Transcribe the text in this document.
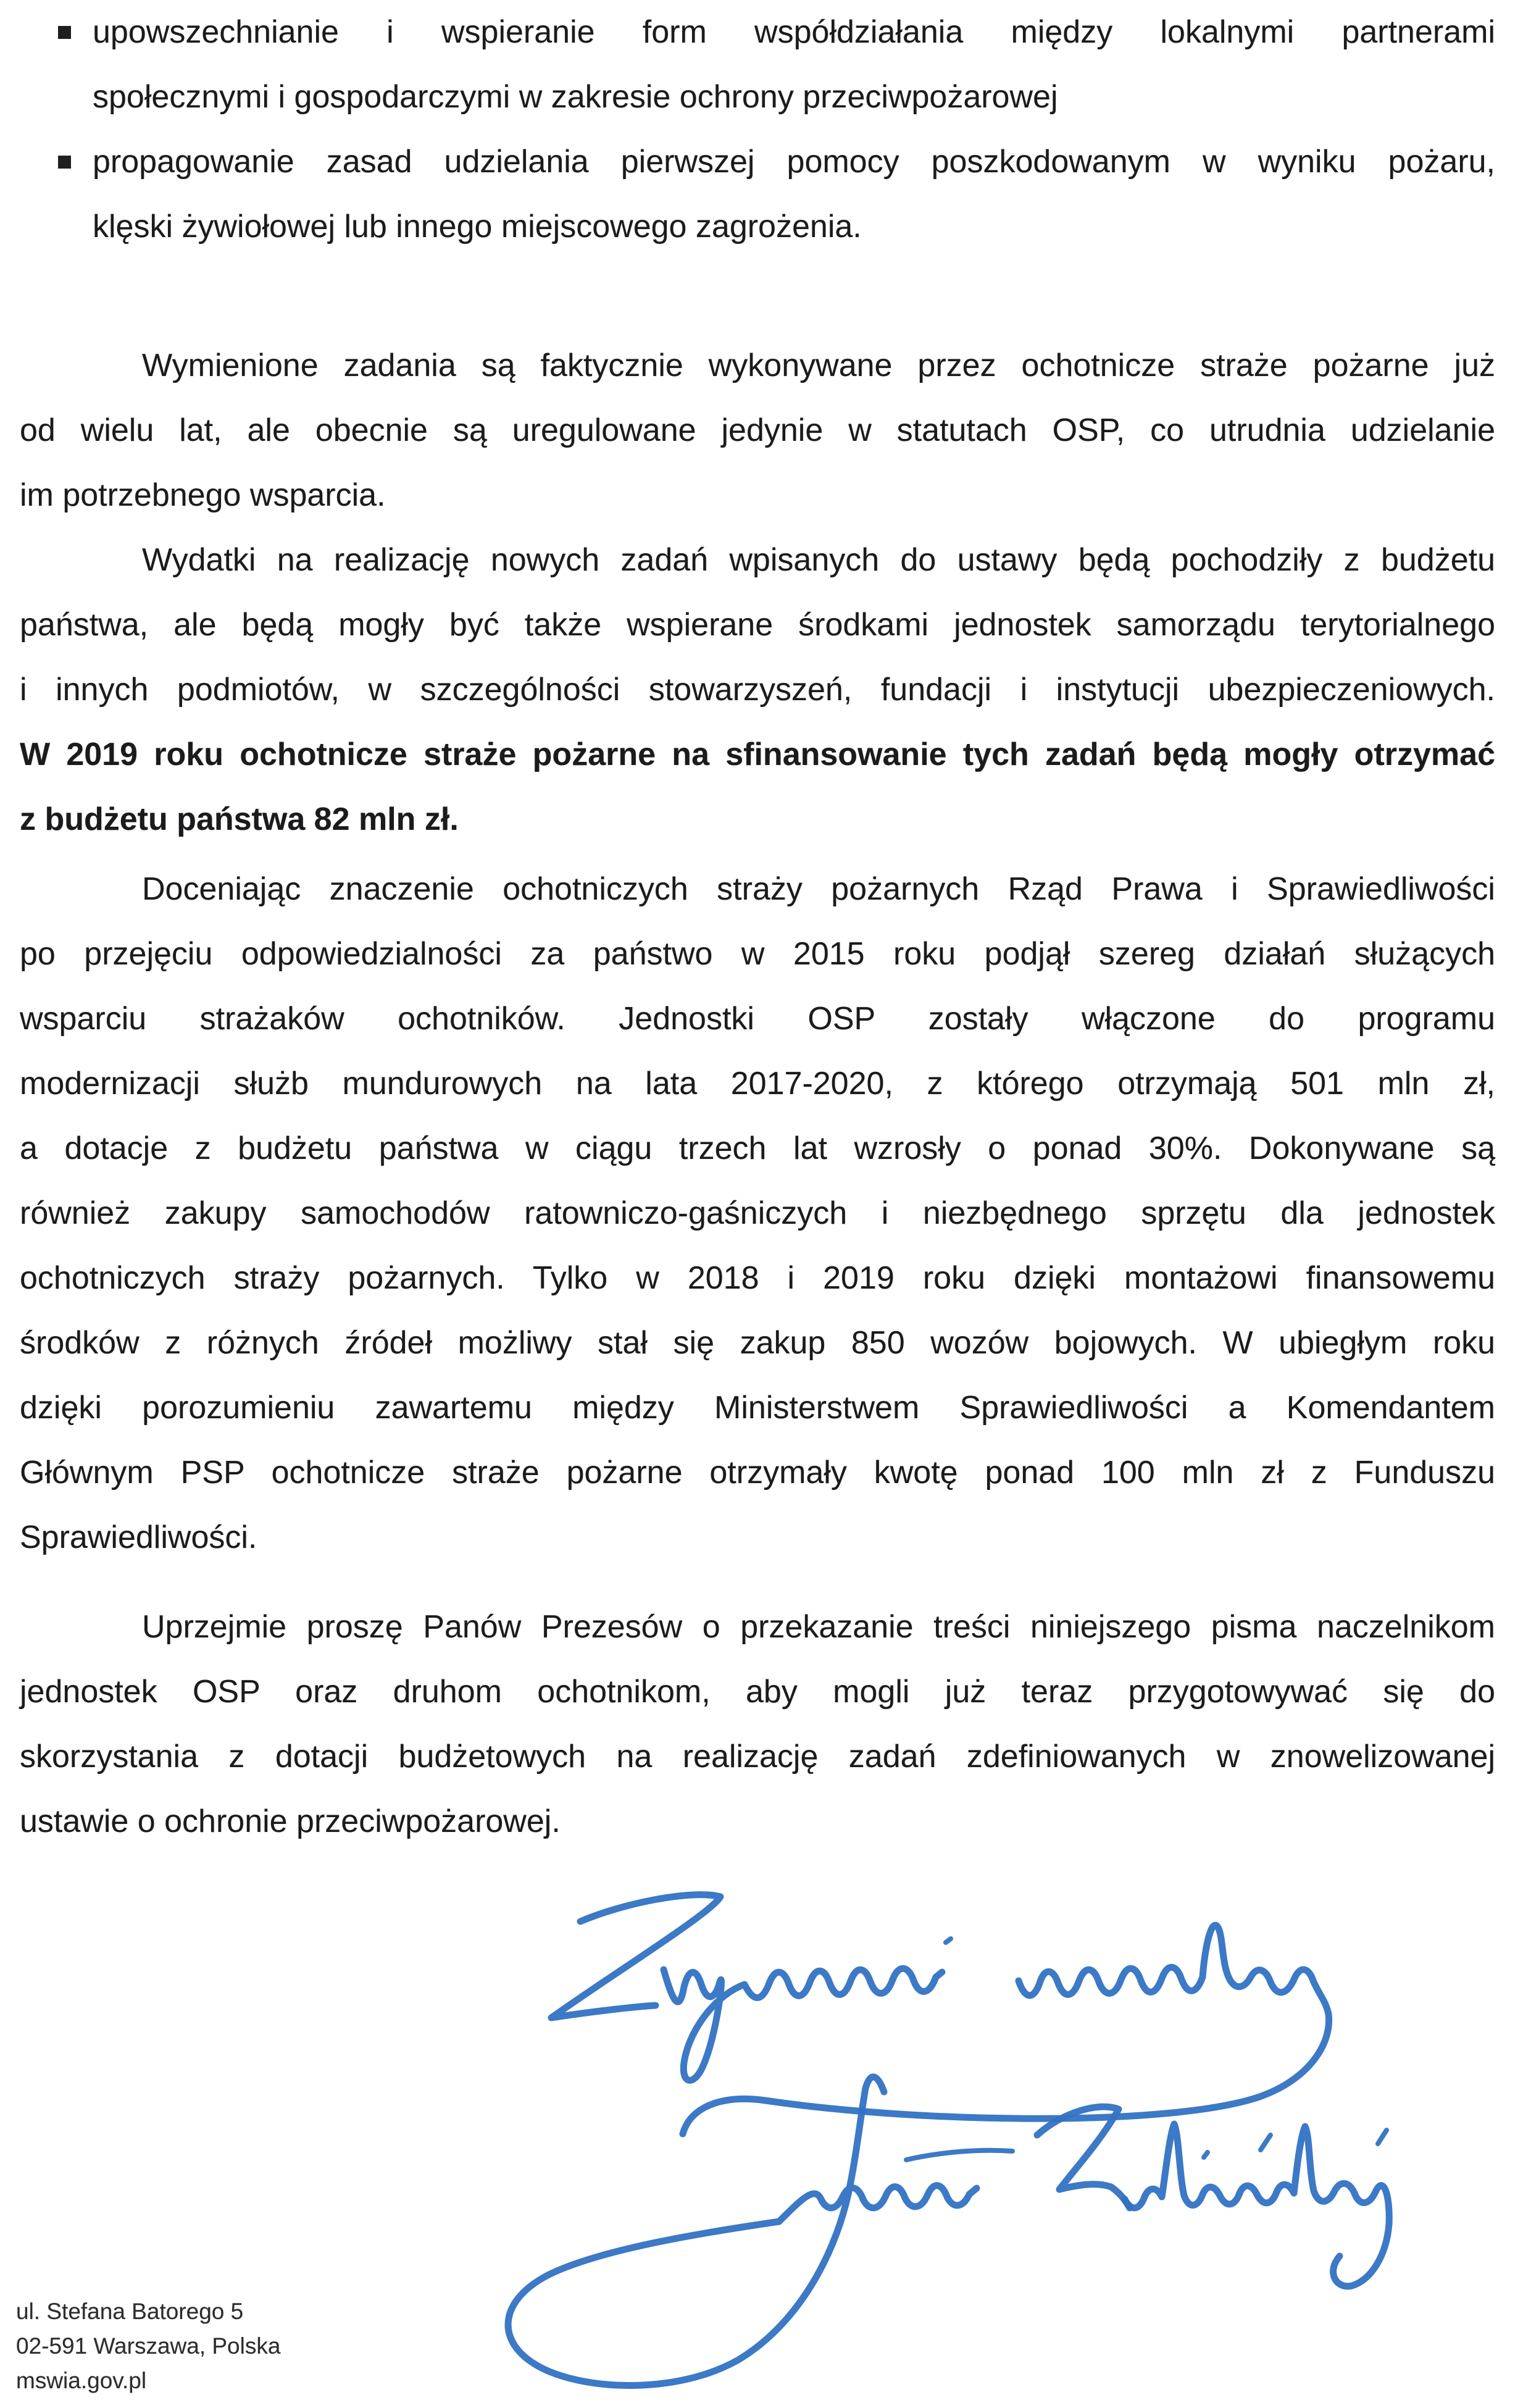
upowszechnianie i wspieranie form współdziałania między lokalnymi partnerami
społecznymi i gospodarczymi w zakresie ochrony przeciwpożarowej
propagowanie zasad udzielania pierwszej pomocy poszkodowanym w wyniku pożaru,
klęski żywiołowej lub innego miejscowego zagrożenia.
Wymienione zadania są faktycznie wykonywane przez ochotnicze straże pożarne już
od wielu lat, ale obecnie są uregulowane jedynie w statutach OSP, co utrudnia udzielanie
im potrzebnego wsparcia.
Wydatki na realizację nowych zadań wpisanych do ustawy będą pochodziły z budżetu
państwa, ale będą mogły być także wspierane środkami jednostek samorządu terytorialnego
i innych podmiotów, w szczególności stowarzyszeń, fundacji i instytucji ubezpieczeniowych.
W 2019 roku ochotnicze straże pożarne na sfinansowanie tych zadań będą mogły otrzymać
z budżetu państwa 82 mln zł.
Doceniając znaczenie ochotniczych straży pożarnych Rząd Prawa i Sprawiedliwości
po przejęciu odpowiedzialności za państwo w 2015 roku podjął szereg działań służących
wsparciu strażaków ochotników. Jednostki OSP zostały włączone do programu
modernizacji służb mundurowych na lata 2017-2020, z którego otrzymają 501 mln zł,
a dotacje z budżetu państwa w ciągu trzech lat wzrosły o ponad 30%. Dokonywane są
również zakupy samochodów ratowniczo-gaśniczych i niezbędnego sprzętu dla jednostek
ochotniczych straży pożarnych. Tylko w 2018 i 2019 roku dzięki montażowi finansowemu
środków z różnych źródeł możliwy stał się zakup 850 wozów bojowych. W ubiegłym roku
dzięki porozumieniu zawartemu między Ministerstwem Sprawiedliwości a Komendantem
Głównym PSP ochotnicze straże pożarne otrzymały kwotę ponad 100 mln zł z Funduszu
Sprawiedliwości.
Uprzejmie proszę Panów Prezesów o przekazanie treści niniejszego pisma naczelnikom
jednostek OSP oraz druhom ochotnikom, aby mogli już teraz przygotowywać się do
skorzystania z dotacji budżetowych na realizację zadań zdefiniowanych w znowelizowanej
ustawie o ochronie przeciwpożarowej.
ul. Stefana Batorego 5
02-591 Warszawa, Polska
mswia.gov.pl
